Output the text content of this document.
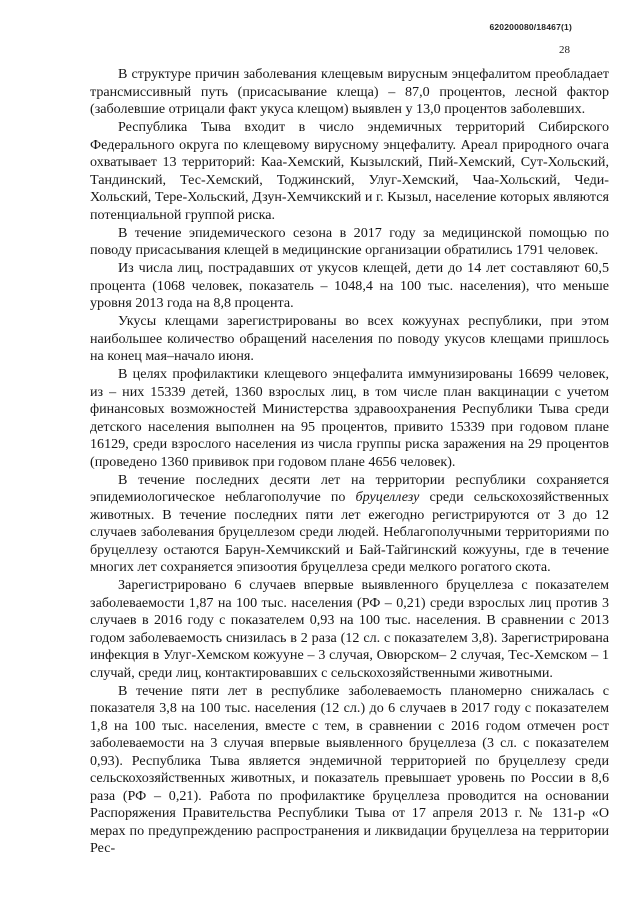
620200080/18467(1)
28

В структуре причин заболевания клещевым вирусным энцефалитом преобладает трансмиссивный путь (присасывание клеща) – 87,0 процентов, лесной фактор (заболевшие отрицали факт укуса клещом) выявлен у 13,0 процентов заболевших.

Республика Тыва входит в число эндемичных территорий Сибирского Федерального округа по клещевому вирусному энцефалиту. Ареал природного очага охватывает 13 территорий: Каа-Хемский, Кызылский, Пий-Хемский, Сут-Хольский, Тандинский, Тес-Хемский, Тоджинский, Улуг-Хемский, Чаа-Хольский, Чеди-Хольский, Тере-Хольский, Дзун-Хемчикский и г. Кызыл, население которых являются потенциальной группой риска.

В течение эпидемического сезона в 2017 году за медицинской помощью по поводу присасывания клещей в медицинские организации обратились 1791 человек.

Из числа лиц, пострадавших от укусов клещей, дети до 14 лет составляют 60,5 процента (1068 человек, показатель – 1048,4 на 100 тыс. населения), что меньше уровня 2013 года на 8,8 процента.

Укусы клещами зарегистрированы во всех кожуунах республики, при этом наибольшее количество обращений населения по поводу укусов клещами пришлось на конец мая–начало июня.

В целях профилактики клещевого энцефалита иммунизированы 16699 человек, из – них 15339 детей, 1360 взрослых лиц, в том числе план вакцинации с учетом финансовых возможностей Министерства здравоохранения Республики Тыва среди детского населения выполнен на 95 процентов, привито 15339 при годовом плане 16129, среди взрослого населения из числа группы риска заражения на 29 процентов (проведено 1360 прививок при годовом плане 4656 человек).

В течение последних десяти лет на территории республики сохраняется эпидемиологическое неблагополучие по бруцеллезу среди сельскохозяйственных животных. В течение последних пяти лет ежегодно регистрируются от 3 до 12 случаев заболевания бруцеллезом среди людей. Неблагополучными территориями по бруцеллезу остаются Барун-Хемчикский и Бай-Тайгинский кожууны, где в течение многих лет сохраняется эпизоотия бруцеллеза среди мелкого рогатого скота.

Зарегистрировано 6 случаев впервые выявленного бруцеллеза с показателем заболеваемости 1,87 на 100 тыс. населения (РФ – 0,21) среди взрослых лиц против 3 случаев в 2016 году с показателем 0,93 на 100 тыс. населения. В сравнении с 2013 годом заболеваемость снизилась в 2 раза (12 сл. с показателем 3,8). Зарегистрирована инфекция в Улуг-Хемском кожууне – 3 случая, Овюрском– 2 случая, Тес-Хемском – 1 случай, среди лиц, контактировавших с сельскохозяйственными животными.

В течение пяти лет в республике заболеваемость планомерно снижалась с показателя 3,8 на 100 тыс. населения (12 сл.) до 6 случаев в 2017 году с показателем 1,8 на 100 тыс. населения, вместе с тем, в сравнении с 2016 годом отмечен рост заболеваемости на 3 случая впервые выявленного бруцеллеза (3 сл. с показателем 0,93). Республика Тыва является эндемичной территорией по бруцеллезу среди сельскохозяйственных животных, и показатель превышает уровень по России в 8,6 раза (РФ – 0,21). Работа по профилактике бруцеллеза проводится на основании Распоряжения Правительства Республики Тыва от 17 апреля 2013 г. № 131-р «О мерах по предупреждению распространения и ликвидации бруцеллеза на территории Рес-
